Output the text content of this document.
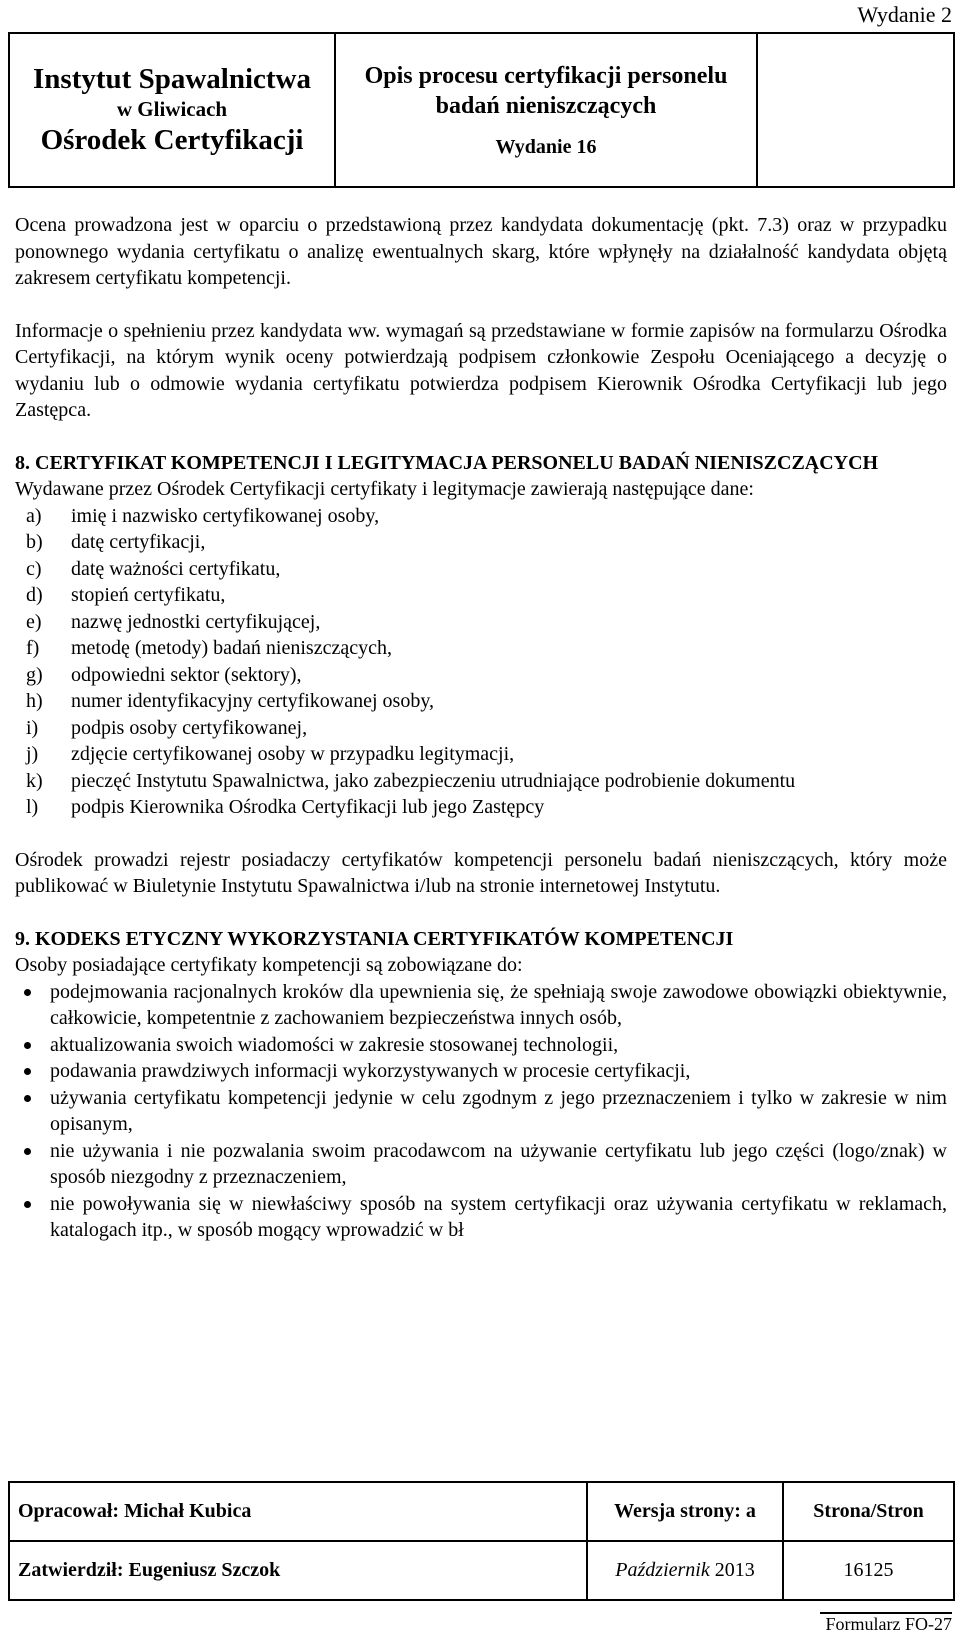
Wydanie 2
Instytut Spawalnictwa
w Gliwicach
Ośrodek Certyfikacji

Opis procesu certyfikacji personelu
badań nieniszczących
Wydanie 16

Ocena prowadzona jest w oparciu o przedstawioną przez kandydata dokumentację (pkt. 7.3) oraz w przypadku ponownego wydania certyfikatu o analizę ewentualnych skarg, które wpłynęły na działalność kandydata objętą zakresem certyfikatu kompetencji.

Informacje o spełnieniu przez kandydata ww. wymagań są przedstawiane w formie zapisów na formularzu Ośrodka Certyfikacji, na którym wynik oceny potwierdzają podpisem członkowie Zespołu Oceniającego a decyzję o wydaniu lub o odmowie wydania certyfikatu potwierdza podpisem Kierownik Ośrodka Certyfikacji lub jego Zastępca.

8. CERTYFIKAT KOMPETENCJI I LEGITYMACJA PERSONELU BADAŃ NIENISZCZĄCYCH

Wydawane przez Ośrodek Certyfikacji certyfikaty i legitymacje zawierają następujące dane:

a) imię i nazwisko certyfikowanej osoby,
b) datę certyfikacji,
c) datę ważności certyfikatu,
d) stopień certyfikatu,
e) nazwę jednostki certyfikującej,
f) metodę (metody) badań nieniszczących,
g) odpowiedni sektor (sektory),
h) numer identyfikacyjny certyfikowanej osoby,
i) podpis osoby certyfikowanej,
j) zdjęcie certyfikowanej osoby w przypadku legitymacji,
k) pieczęć Instytutu Spawalnictwa, jako zabezpieczeniu utrudniające podrobienie dokumentu
l) podpis Kierownika Ośrodka Certyfikacji lub jego Zastępcy

Ośrodek prowadzi rejestr posiadaczy certyfikatów kompetencji personelu badań nieniszczących, który może publikować w Biuletynie Instytutu Spawalnictwa i/lub na stronie internetowej Instytutu.

9. KODEKS ETYCZNY WYKORZYSTANIA CERTYFIKATÓW KOMPETENCJI

Osoby posiadające certyfikaty kompetencji są zobowiązane do:

podejmowania racjonalnych kroków dla upewnienia się, że spełniają swoje zawodowe obowiązki obiektywnie, całkowicie, kompetentnie z zachowaniem bezpieczeństwa innych osób,
aktualizowania swoich wiadomości w zakresie stosowanej technologii,
podawania prawdziwych informacji wykorzystywanych w procesie certyfikacji,
używania certyfikatu kompetencji jedynie w celu zgodnym z jego przeznaczeniem i tylko w zakresie w nim opisanym,
nie używania i nie pozwalania swoim pracodawcom na używanie certyfikatu lub jego części (logo/znak) w sposób niezgodny z przeznaczeniem,
nie powoływania się w niewłaściwy sposób na system certyfikacji oraz używania certyfikatu w reklamach, katalogach itp., w sposób mogący wprowadzić w bł
Opracował: Michał Kubica	Wersja strony: a	Strona/Stron
Zatwierdził: Eugeniusz Szczok	Październik 2013	16125
Formularz FO-27
